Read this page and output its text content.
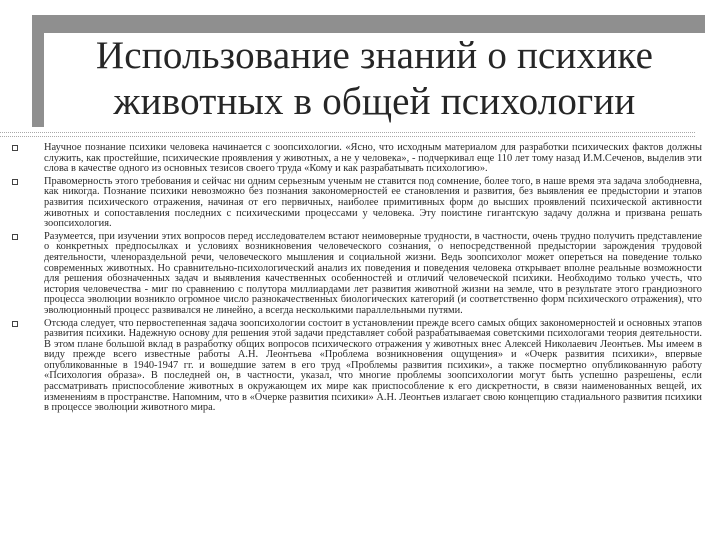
Использование знаний о психике

животных в общей психологии

Научное познание психики человека начинается с зоопсихологии. «Ясно, что исходным материалом для разработки психических фактов должны служить, как простейшие, психические проявления у животных, а не у человека», - подчеркивал еще 110 лет тому назад И.М.Сеченов, выделив эти слова в качестве одного из основных тезисов своего труда «Кому и как разрабатывать психологию».
Правомерность этого требования и сейчас ни одним серьезным ученым не ставится под сомнение, более того, в наше время эта задача злободневна, как никогда. Познание психики невозможно без познания закономерностей ее становления и развития, без выявления ее предыстории и этапов развития психического отражения, начиная от его первичных, наиболее примитивных форм до высших проявлений психической активности животных и сопоставления последних с психическими процессами у человека. Эту поистине гигантскую задачу должна и призвана решать зоопсихология.
Разумеется, при изучении этих вопросов перед исследователем встают неимоверные трудности, в частности, очень трудно получить представление о конкретных предпосылках и условиях возникновения человеческого сознания, о непосредственной предыстории зарождения трудовой деятельности, членораздельной речи, человеческого мышления и социальной жизни. Ведь зоопсихолог может опереться на поведение только современных животных. Но сравнительно-психологический анализ их поведения и поведения человека открывает вполне реальные возможности для решения обозначенных задач и выявления качественных особенностей и отличий человеческой психики. Необходимо только учесть, что история человечества - миг по сравнению с полутора миллиардами лет развития животной жизни на земле, что в результате этого грандиозного процесса эволюции возникло огромное число разнокачественных биологических категорий (и соответственно форм психического отражения), что эволюционный процесс развивался не линейно, а всегда несколькими параллельными путями.
Отсюда следует, что первостепенная задача зоопсихологии состоит в установлении прежде всего самых общих закономерностей и основных этапов развития психики. Надежную основу для решения этой задачи представляет собой разрабатываемая советскими психологами теория деятельности. В этом плане большой вклад в разработку общих вопросов психического отражения у животных внес Алексей Николаевич Леонтьев. Мы имеем в виду прежде всего известные работы А.Н. Леонтьева «Проблема возникновения ощущения» и «Очерк развития психики», впервые опубликованные в 1940-1947 гг. и вошедшие затем в его труд «Проблемы развития психики», а также посмертно опубликованную работу «Психология образа». В последней он, в частности, указал, что многие проблемы зоопсихологии могут быть успешно разрешены, если рассматривать приспособление животных в окружающем их мире как приспособление к его дискретности, в связи наименованных вещей, их изменениям в пространстве. Напомним, что в «Очерке развития психики» А.Н. Леонтьев излагает свою концепцию стадиального развития психики в процессе эволюции животного мира.
